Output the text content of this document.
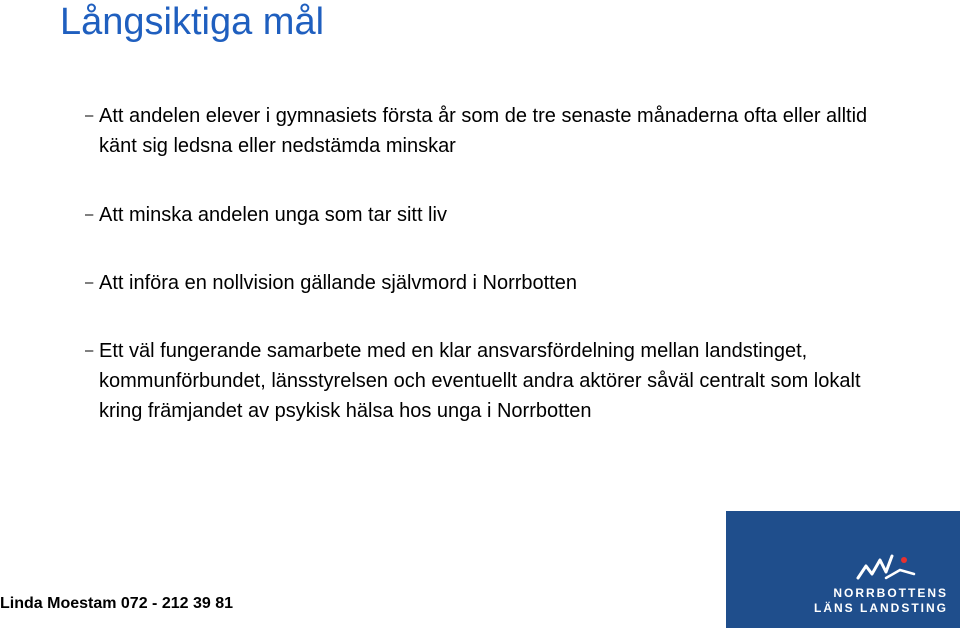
Långsiktiga mål
– Att andelen elever i gymnasiets första år som de tre senaste månaderna ofta eller alltid känt sig ledsna eller nedstämda minskar
– Att minska andelen unga som tar sitt liv
– Att införa en nollvision gällande självmord i Norrbotten
– Ett väl fungerande samarbete med en klar ansvarsfördelning mellan landstinget, kommunförbundet, länsstyrelsen och eventuellt andra aktörer såväl centralt som lokalt kring främjandet av psykisk hälsa hos unga i Norrbotten
Linda Moestam 072 - 212 39 81
NORRBOTTENS
LÄNS LANDSTING
